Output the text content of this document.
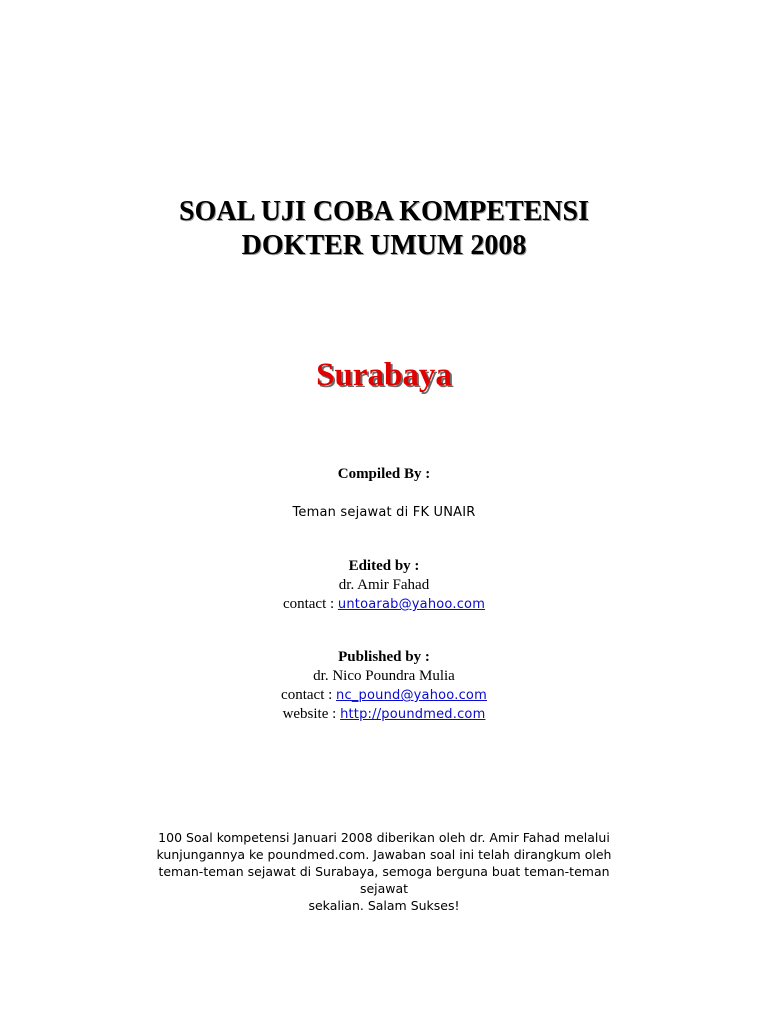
SOAL UJI COBA KOMPETENSI
DOKTER UMUM 2008
Surabaya
Compiled By :
Teman sejawat di FK UNAIR
Edited by :
dr. Amir Fahad
contact : untoarab@yahoo.com
Published by :
dr. Nico Poundra Mulia
contact : nc_pound@yahoo.com
website : http://poundmed.com
100 Soal kompetensi Januari 2008 diberikan oleh dr. Amir Fahad melalui
kunjungannya ke poundmed.com. Jawaban soal ini telah dirangkum oleh
teman-teman sejawat di Surabaya, semoga berguna buat teman-teman sejawat
sekalian. Salam Sukses!
